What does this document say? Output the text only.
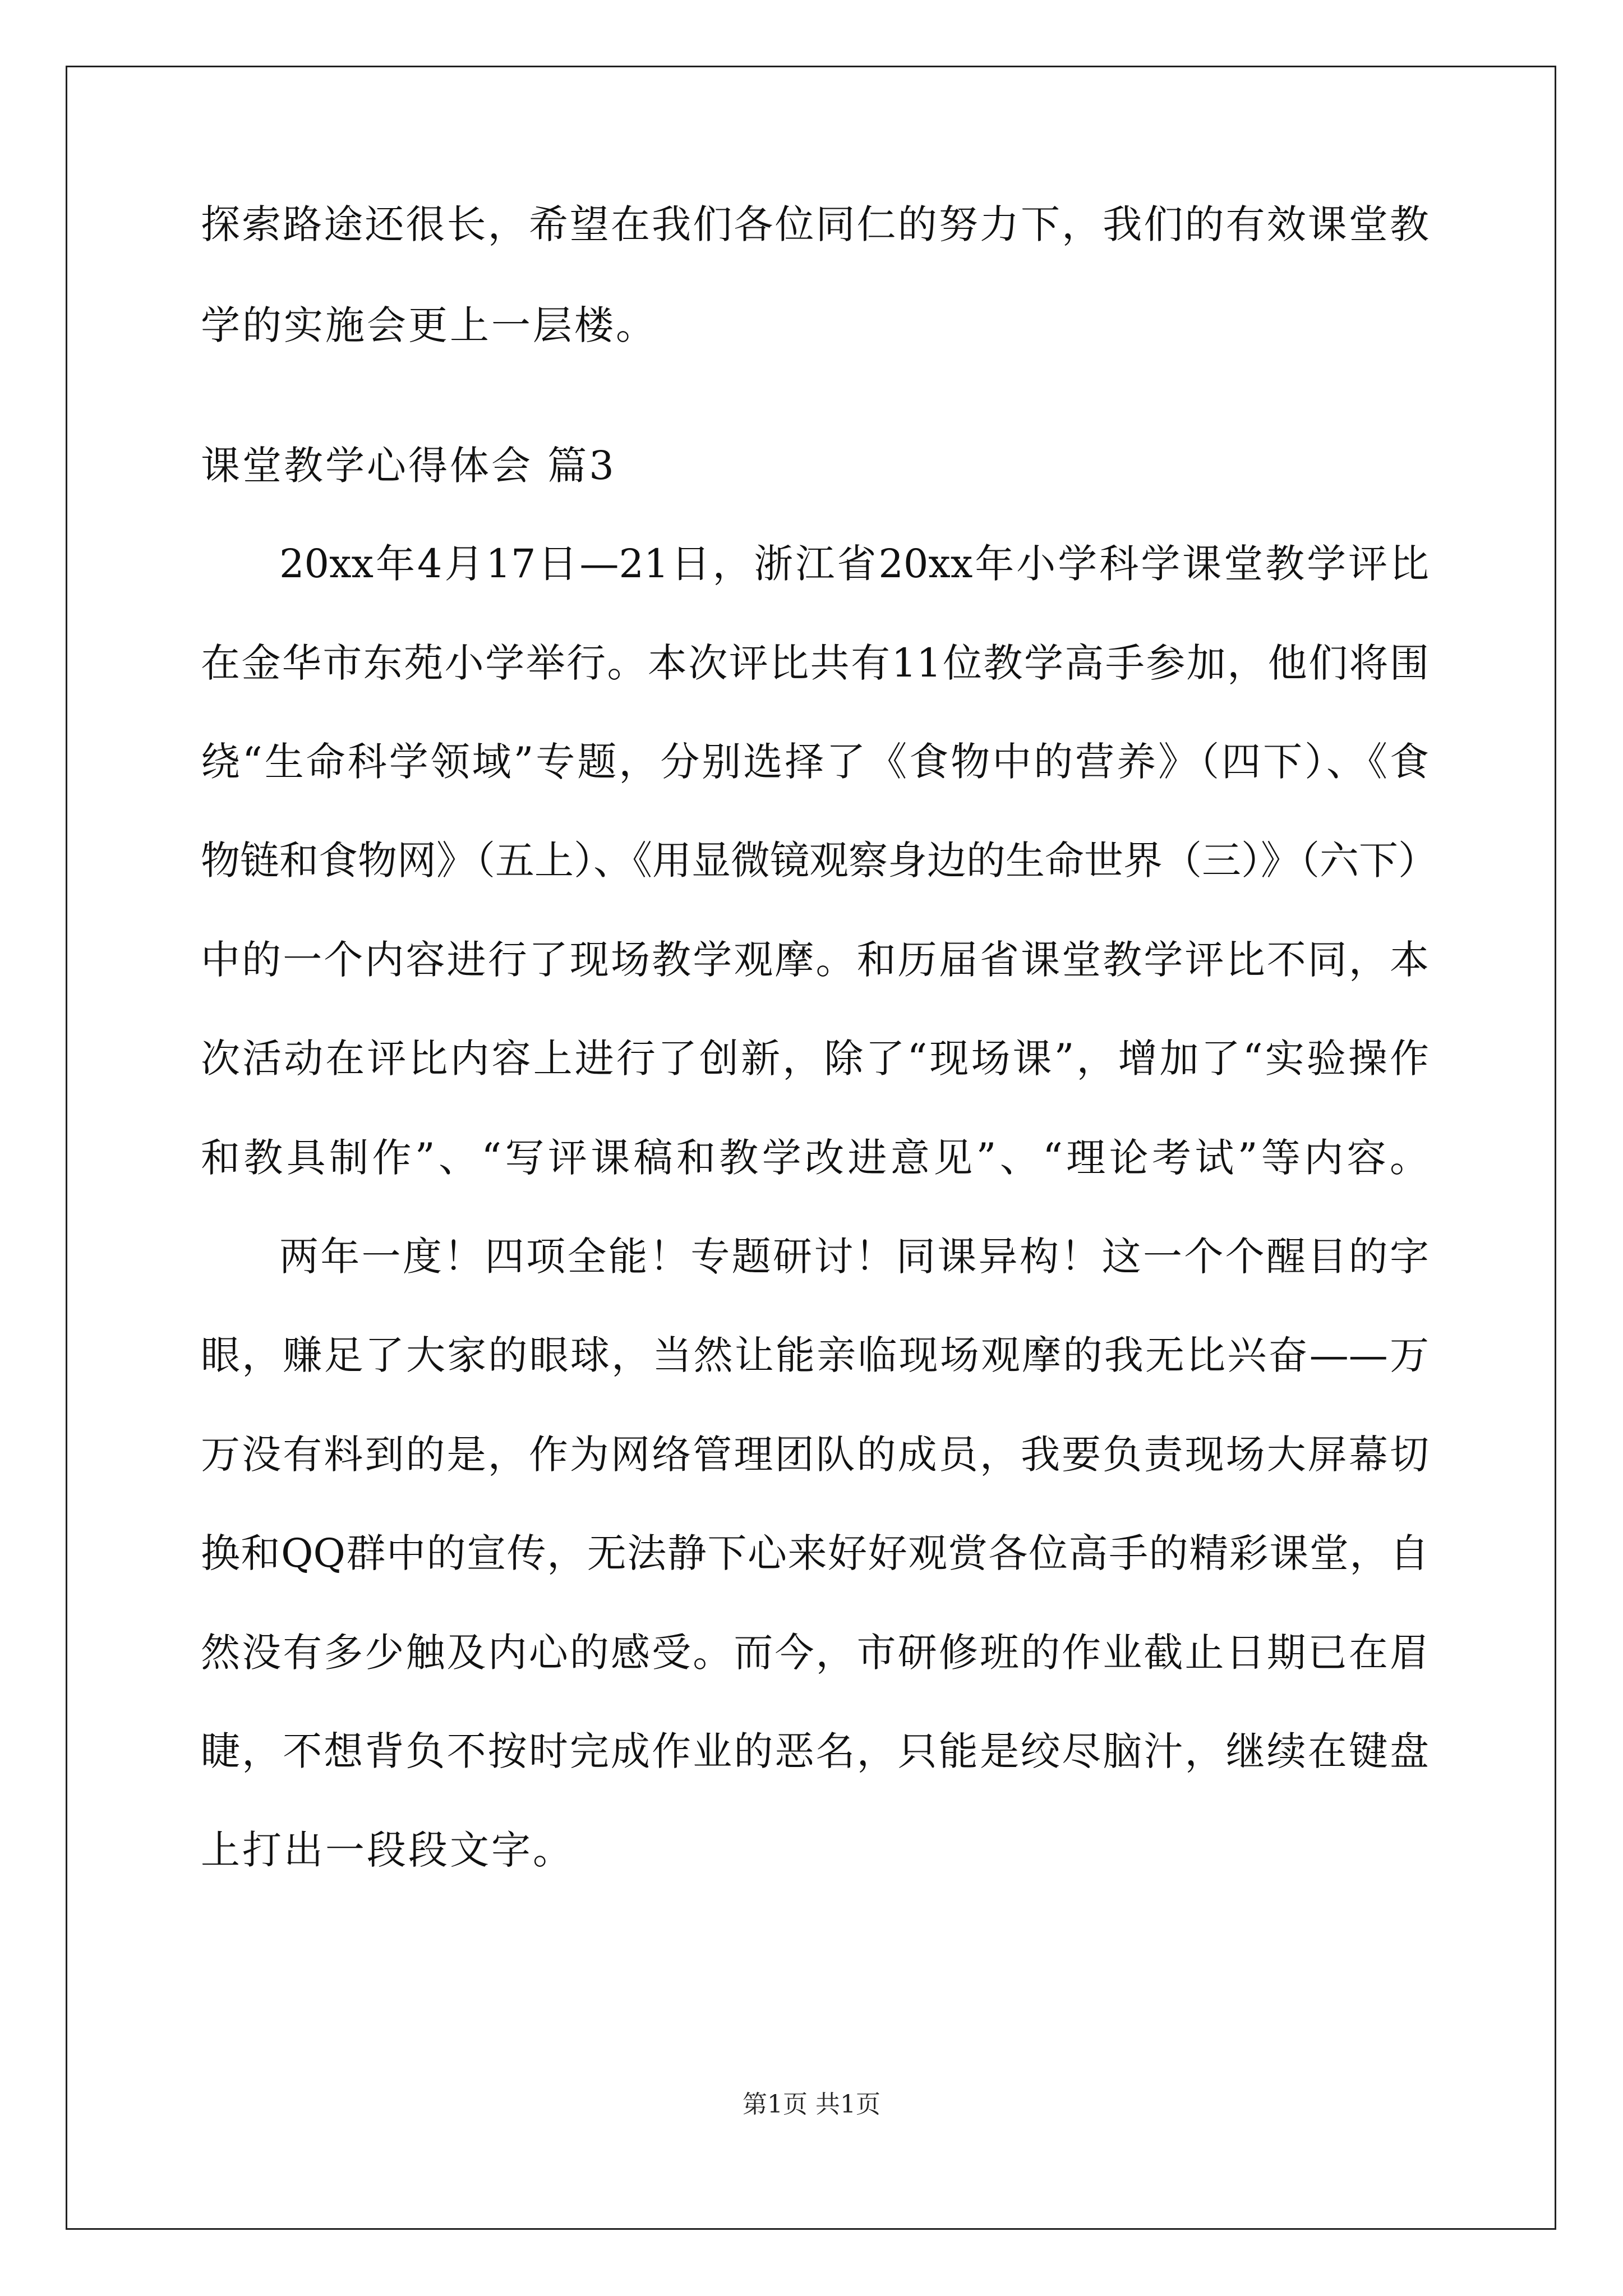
探索路途还很长，希望在我们各位同仁的努力下，我们的有效课堂教
学的实施会更上一层楼。
课堂教学心得体会 篇3
20xx年4月17日—21日，浙江省20xx年小学科学课堂教学评比
在金华市东苑小学举行。本次评比共有11位教学高手参加，他们将围
绕“生命科学领域”专题，分别选择了《食物中的营养》（四下）、《食
物链和食物网》（五上）、《用显微镜观察身边的生命世界（三）》（六下）
中的一个内容进行了现场教学观摩。和历届省课堂教学评比不同，本
次活动在评比内容上进行了创新，除了“现场课”，增加了“实验操作
和教具制作”、“写评课稿和教学改进意见”、“理论考试”等内容。
两年一度！四项全能！专题研讨！同课异构！这一个个醒目的字
眼，赚足了大家的眼球，当然让能亲临现场观摩的我无比兴奋——万
万没有料到的是，作为网络管理团队的成员，我要负责现场大屏幕切
换和QQ群中的宣传，无法静下心来好好观赏各位高手的精彩课堂，自
然没有多少触及内心的感受。而今，市研修班的作业截止日期已在眉
睫，不想背负不按时完成作业的恶名，只能是绞尽脑汁，继续在键盘
上打出一段段文字。
第1页 共1页
